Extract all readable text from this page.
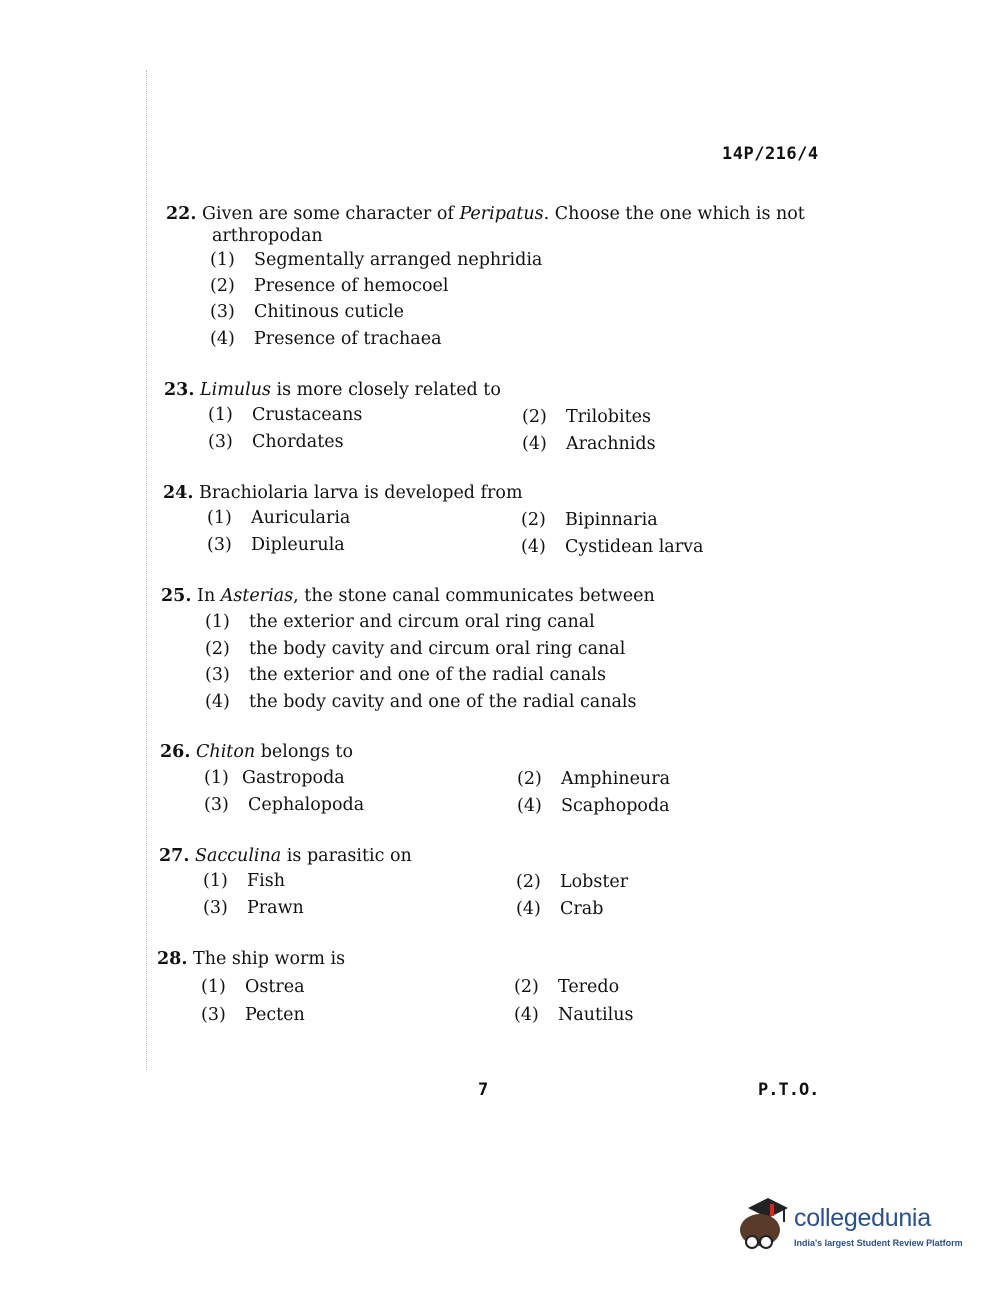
14P/216/4
22. Given are some character of Peripatus. Choose the one which is not
arthropodan
(1) Segmentally arranged nephridia
(2) Presence of hemocoel
(3) Chitinous cuticle
(4) Presence of trachaea
23. Limulus is more closely related to
(1) Crustaceans	(2) Trilobites
(3) Chordates	(4) Arachnids
24. Brachiolaria larva is developed from
(1) Auricularia	(2) Bipinnaria
(3) Dipleurula	(4) Cystidean larva
25. In Asterias, the stone canal communicates between
(1) the exterior and circum oral ring canal
(2) the body cavity and circum oral ring canal
(3) the exterior and one of the radial canals
(4) the body cavity and one of the radial canals
26. Chiton belongs to
(1) Gastropoda	(2) Amphineura
(3) Cephalopoda	(4) Scaphopoda
27. Sacculina is parasitic on
(1) Fish	(2) Lobster
(3) Prawn	(4) Crab
28. The ship worm is
(1) Ostrea	(2) Teredo
(3) Pecten	(4) Nautilus
7	P.T.O.
collegedunia
India's largest Student Review Platform
